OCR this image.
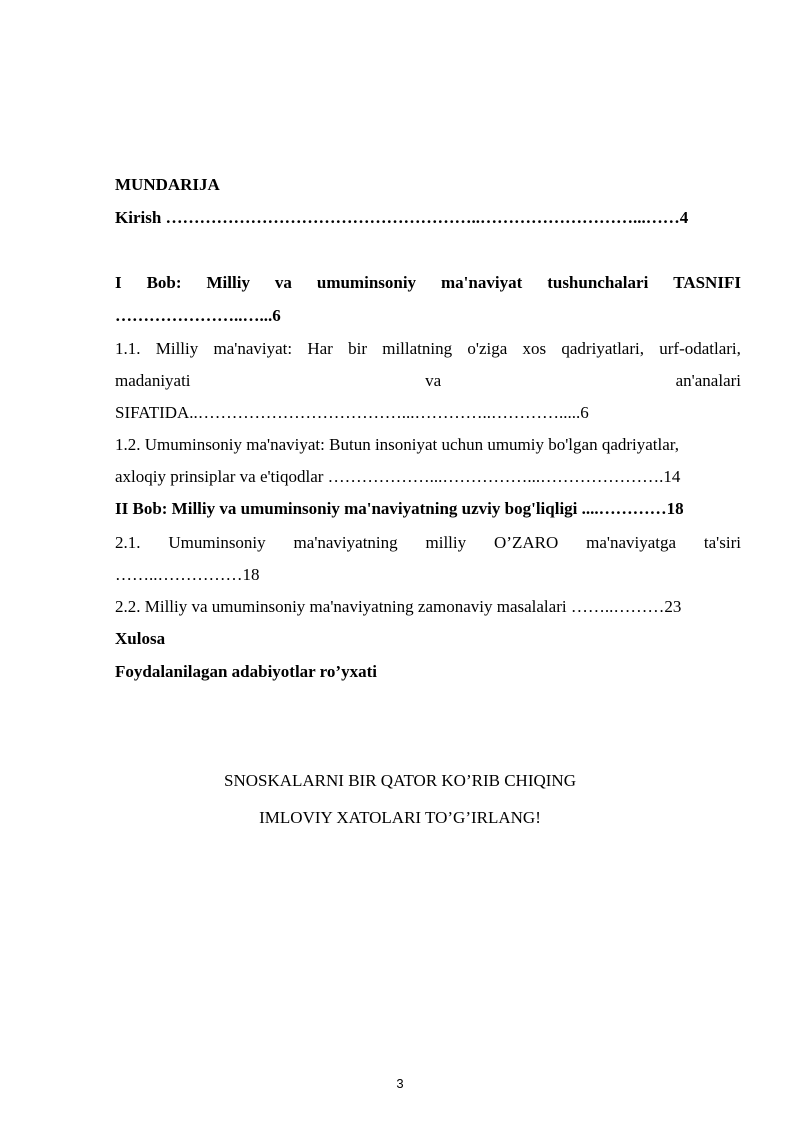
MUNDARIJA
Kirish ………………………………………………..………………………...……4
I Bob: Milliy va umuminsoniy ma'naviyat tushunchalari TASNIFI
…………………..…...6
1.1. Milliy ma'naviyat: Har bir millatning o'ziga xos qadriyatlari, urf-odatlari,
madaniyati	va	an'analari
SIFATIDA..………………………………...…………..………….....6
1.2. Umuminsoniy ma'naviyat: Butun insoniyat uchun umumiy bo'lgan qadriyatlar,
axloqiy prinsiplar va e'tiqodlar ………………...……………...………………….14
II Bob: Milliy va umuminsoniy ma'naviyatning uzviy bog'liqligi ....…………18
2.1. Umuminsoniy ma'naviyatning milliy O’ZARO ma'naviyatga ta'siri
……..……………18
2.2. Milliy va umuminsoniy ma'naviyatning zamonaviy masalalari ……..………23
Xulosa
Foydalanilagan adabiyotlar ro’yxati
SNOSKALARNI BIR QATOR KO’RIB CHIQING
IMLOVIY XATOLARI TO’G’IRLANG!
3
